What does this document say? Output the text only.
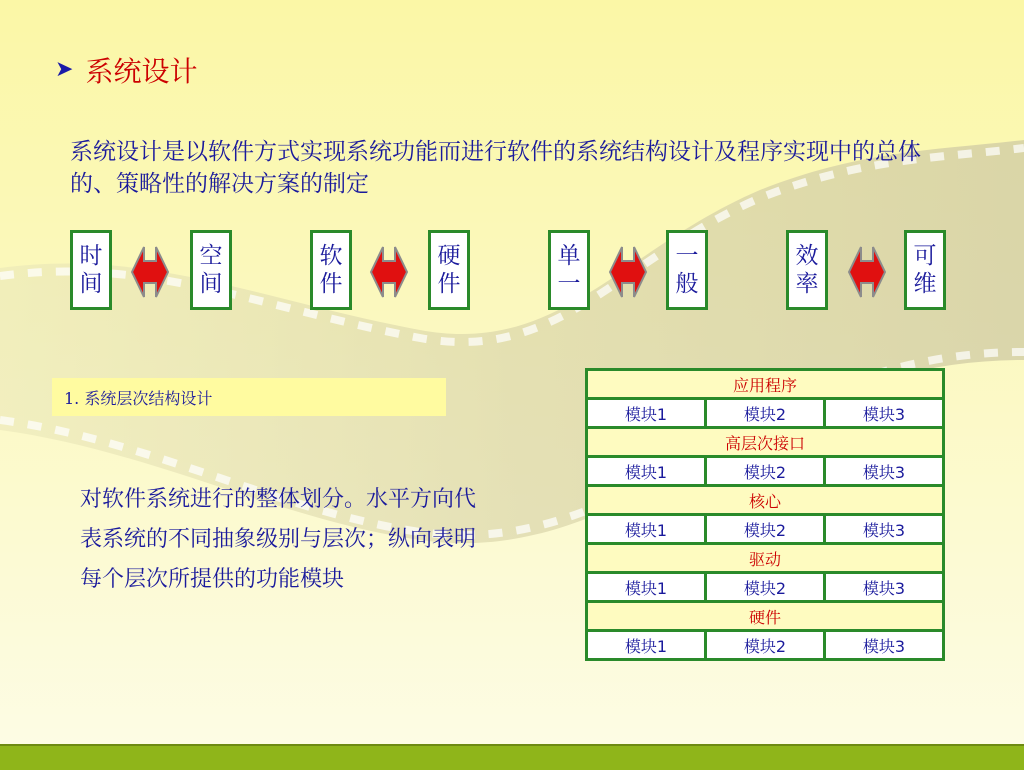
➤ 系统设计
系统设计是以软件方式实现系统功能而进行软件的系统结构设计及程序实现中的总体的、策略性的解决方案的制定
时
间
空
间
软
件
硬
件
单
一
一
般
效
率
可
维
1. 系统层次结构设计
对软件系统进行的整体划分。水平方向代表系统的不同抽象级别与层次；纵向表明每个层次所提供的功能模块
应用程序		
模块1	模块2	模块3
高层次接口		
模块1	模块2	模块3
核心		
模块1	模块2	模块3
驱动		
模块1	模块2	模块3
硬件		
模块1	模块2	模块3
